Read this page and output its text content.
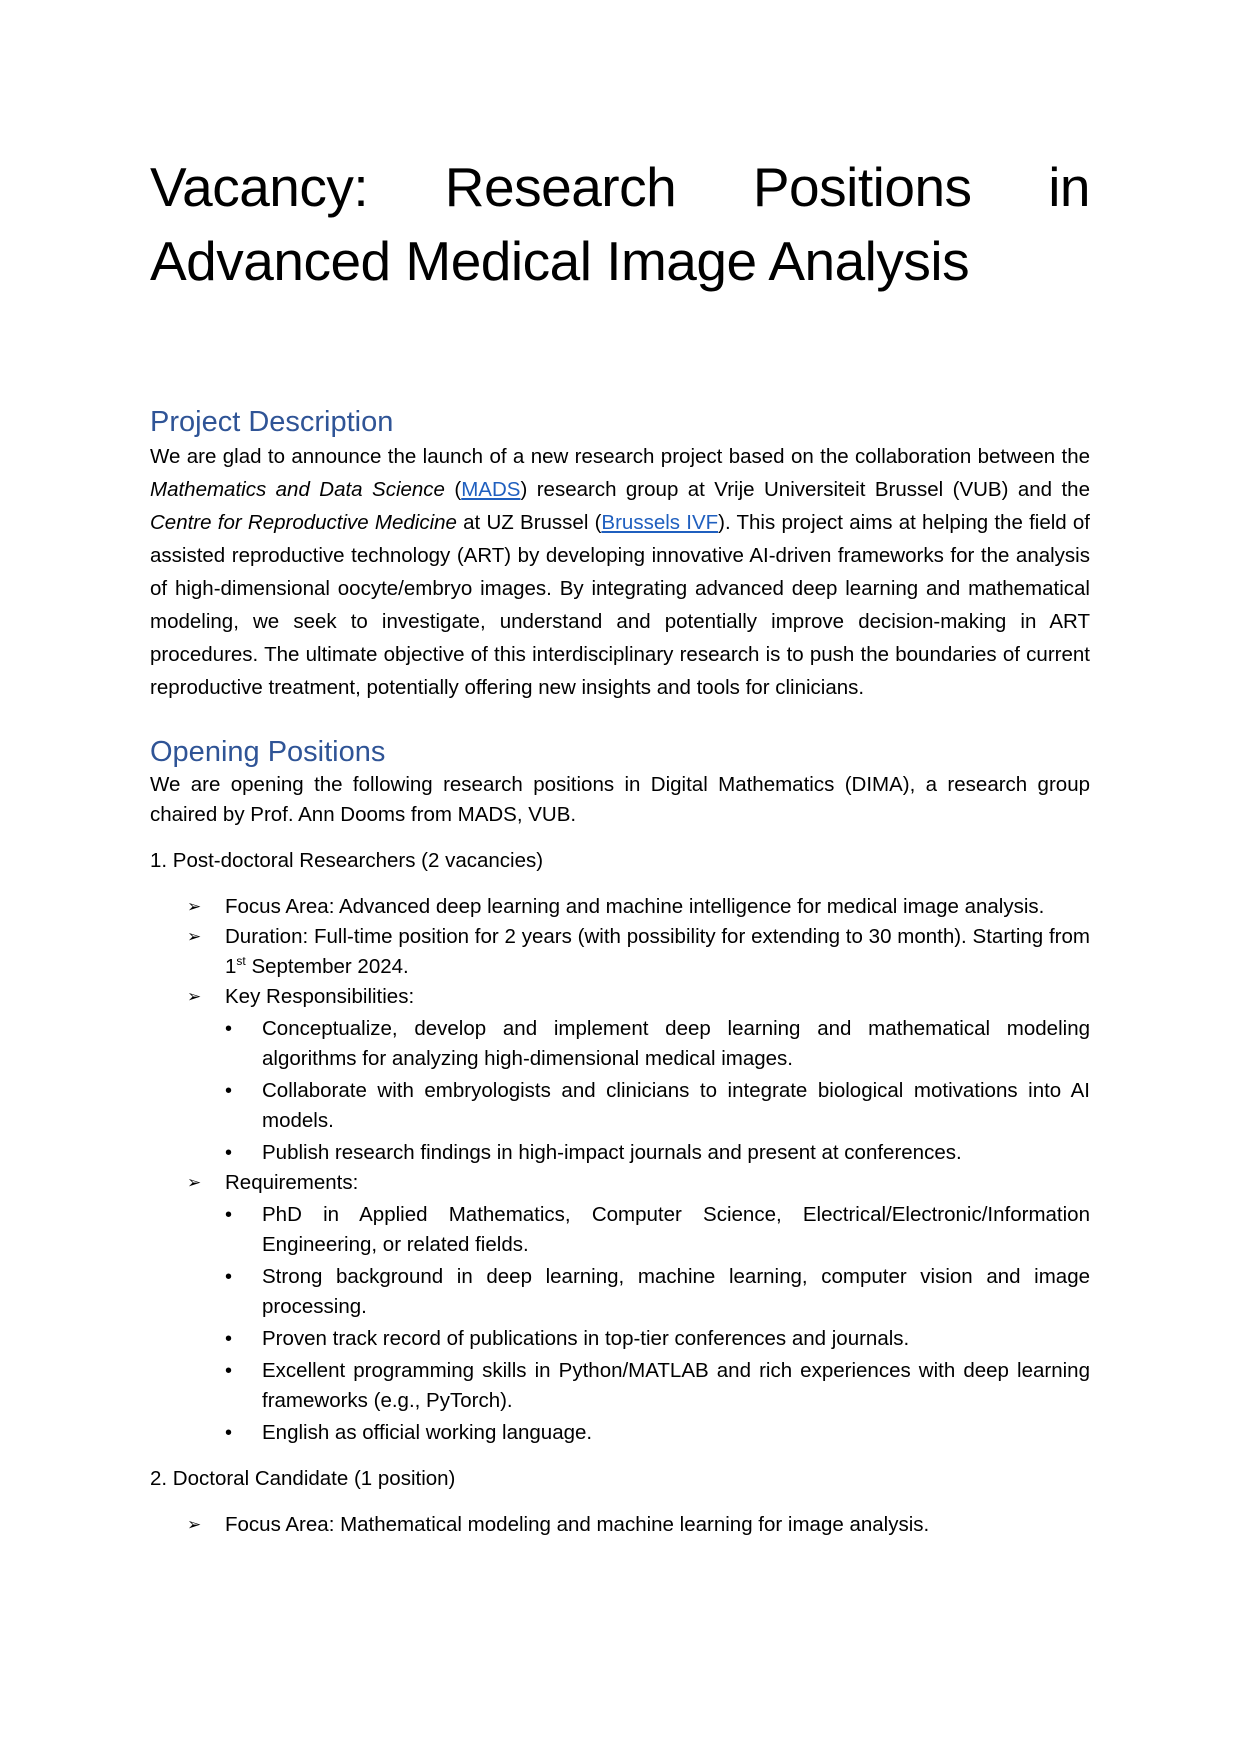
Vacancy: Research Positions in Advanced Medical Image Analysis
Project Description

We are glad to announce the launch of a new research project based on the collaboration between the Mathematics and Data Science (MADS) research group at Vrije Universiteit Brussel (VUB) and the Centre for Reproductive Medicine at UZ Brussel (Brussels IVF). This project aims at helping the field of assisted reproductive technology (ART) by developing innovative AI-driven frameworks for the analysis of high-dimensional oocyte/embryo images. By integrating advanced deep learning and mathematical modeling, we seek to investigate, understand and potentially improve decision-making in ART procedures. The ultimate objective of this interdisciplinary research is to push the boundaries of current reproductive treatment, potentially offering new insights and tools for clinicians.

Opening Positions

We are opening the following research positions in Digital Mathematics (DIMA), a research group chaired by Prof. Ann Dooms from MADS, VUB.

1. Post-doctoral Researchers (2 vacancies)

➢ Focus Area: Advanced deep learning and machine intelligence for medical image analysis.
➢ Duration: Full-time position for 2 years (with possibility for extending to 30 month). Starting from 1st September 2024.
➢ Key Responsibilities:
• Conceptualize, develop and implement deep learning and mathematical modeling algorithms for analyzing high-dimensional medical images.
• Collaborate with embryologists and clinicians to integrate biological motivations into AI models.
• Publish research findings in high-impact journals and present at conferences.
➢ Requirements:
• PhD in Applied Mathematics, Computer Science, Electrical/Electronic/Information Engineering, or related fields.
• Strong background in deep learning, machine learning, computer vision and image processing.
• Proven track record of publications in top-tier conferences and journals.
• Excellent programming skills in Python/MATLAB and rich experiences with deep learning frameworks (e.g., PyTorch).
• English as official working language.

2. Doctoral Candidate (1 position)

➢ Focus Area: Mathematical modeling and machine learning for image analysis.
